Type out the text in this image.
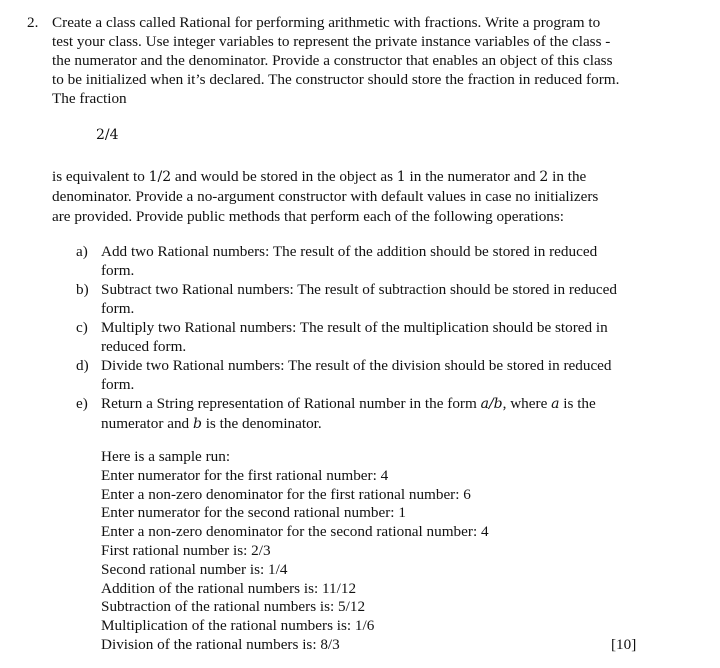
2. Create a class called Rational for performing arithmetic with fractions. Write a program to
test your class. Use integer variables to represent the private instance variables of the class -
the numerator and the denominator. Provide a constructor that enables an object of this class
to be initialized when it’s declared. The constructor should store the fraction in reduced form.
The fraction

2/4

is equivalent to 1/2 and would be stored in the object as 1 in the numerator and 2 in the
denominator. Provide a no-argument constructor with default values in case no initializers
are provided. Provide public methods that perform each of the following operations:

a) Add two Rational numbers: The result of the addition should be stored in reduced
form.
b) Subtract two Rational numbers: The result of subtraction should be stored in reduced
form.
c) Multiply two Rational numbers: The result of the multiplication should be stored in
reduced form.
d) Divide two Rational numbers: The result of the division should be stored in reduced
form.
e) Return a String representation of Rational number in the form a/b, where a is the
numerator and b is the denominator.
Here is a sample run:
Enter numerator for the first rational number: 4
Enter a non-zero denominator for the first rational number: 6
Enter numerator for the second rational number: 1
Enter a non-zero denominator for the second rational number: 4
First rational number is: 2/3
Second rational number is: 1/4
Addition of the rational numbers is: 11/12
Subtraction of the rational numbers is: 5/12
Multiplication of the rational numbers is: 1/6
Division of the rational numbers is: 8/3	[10]
